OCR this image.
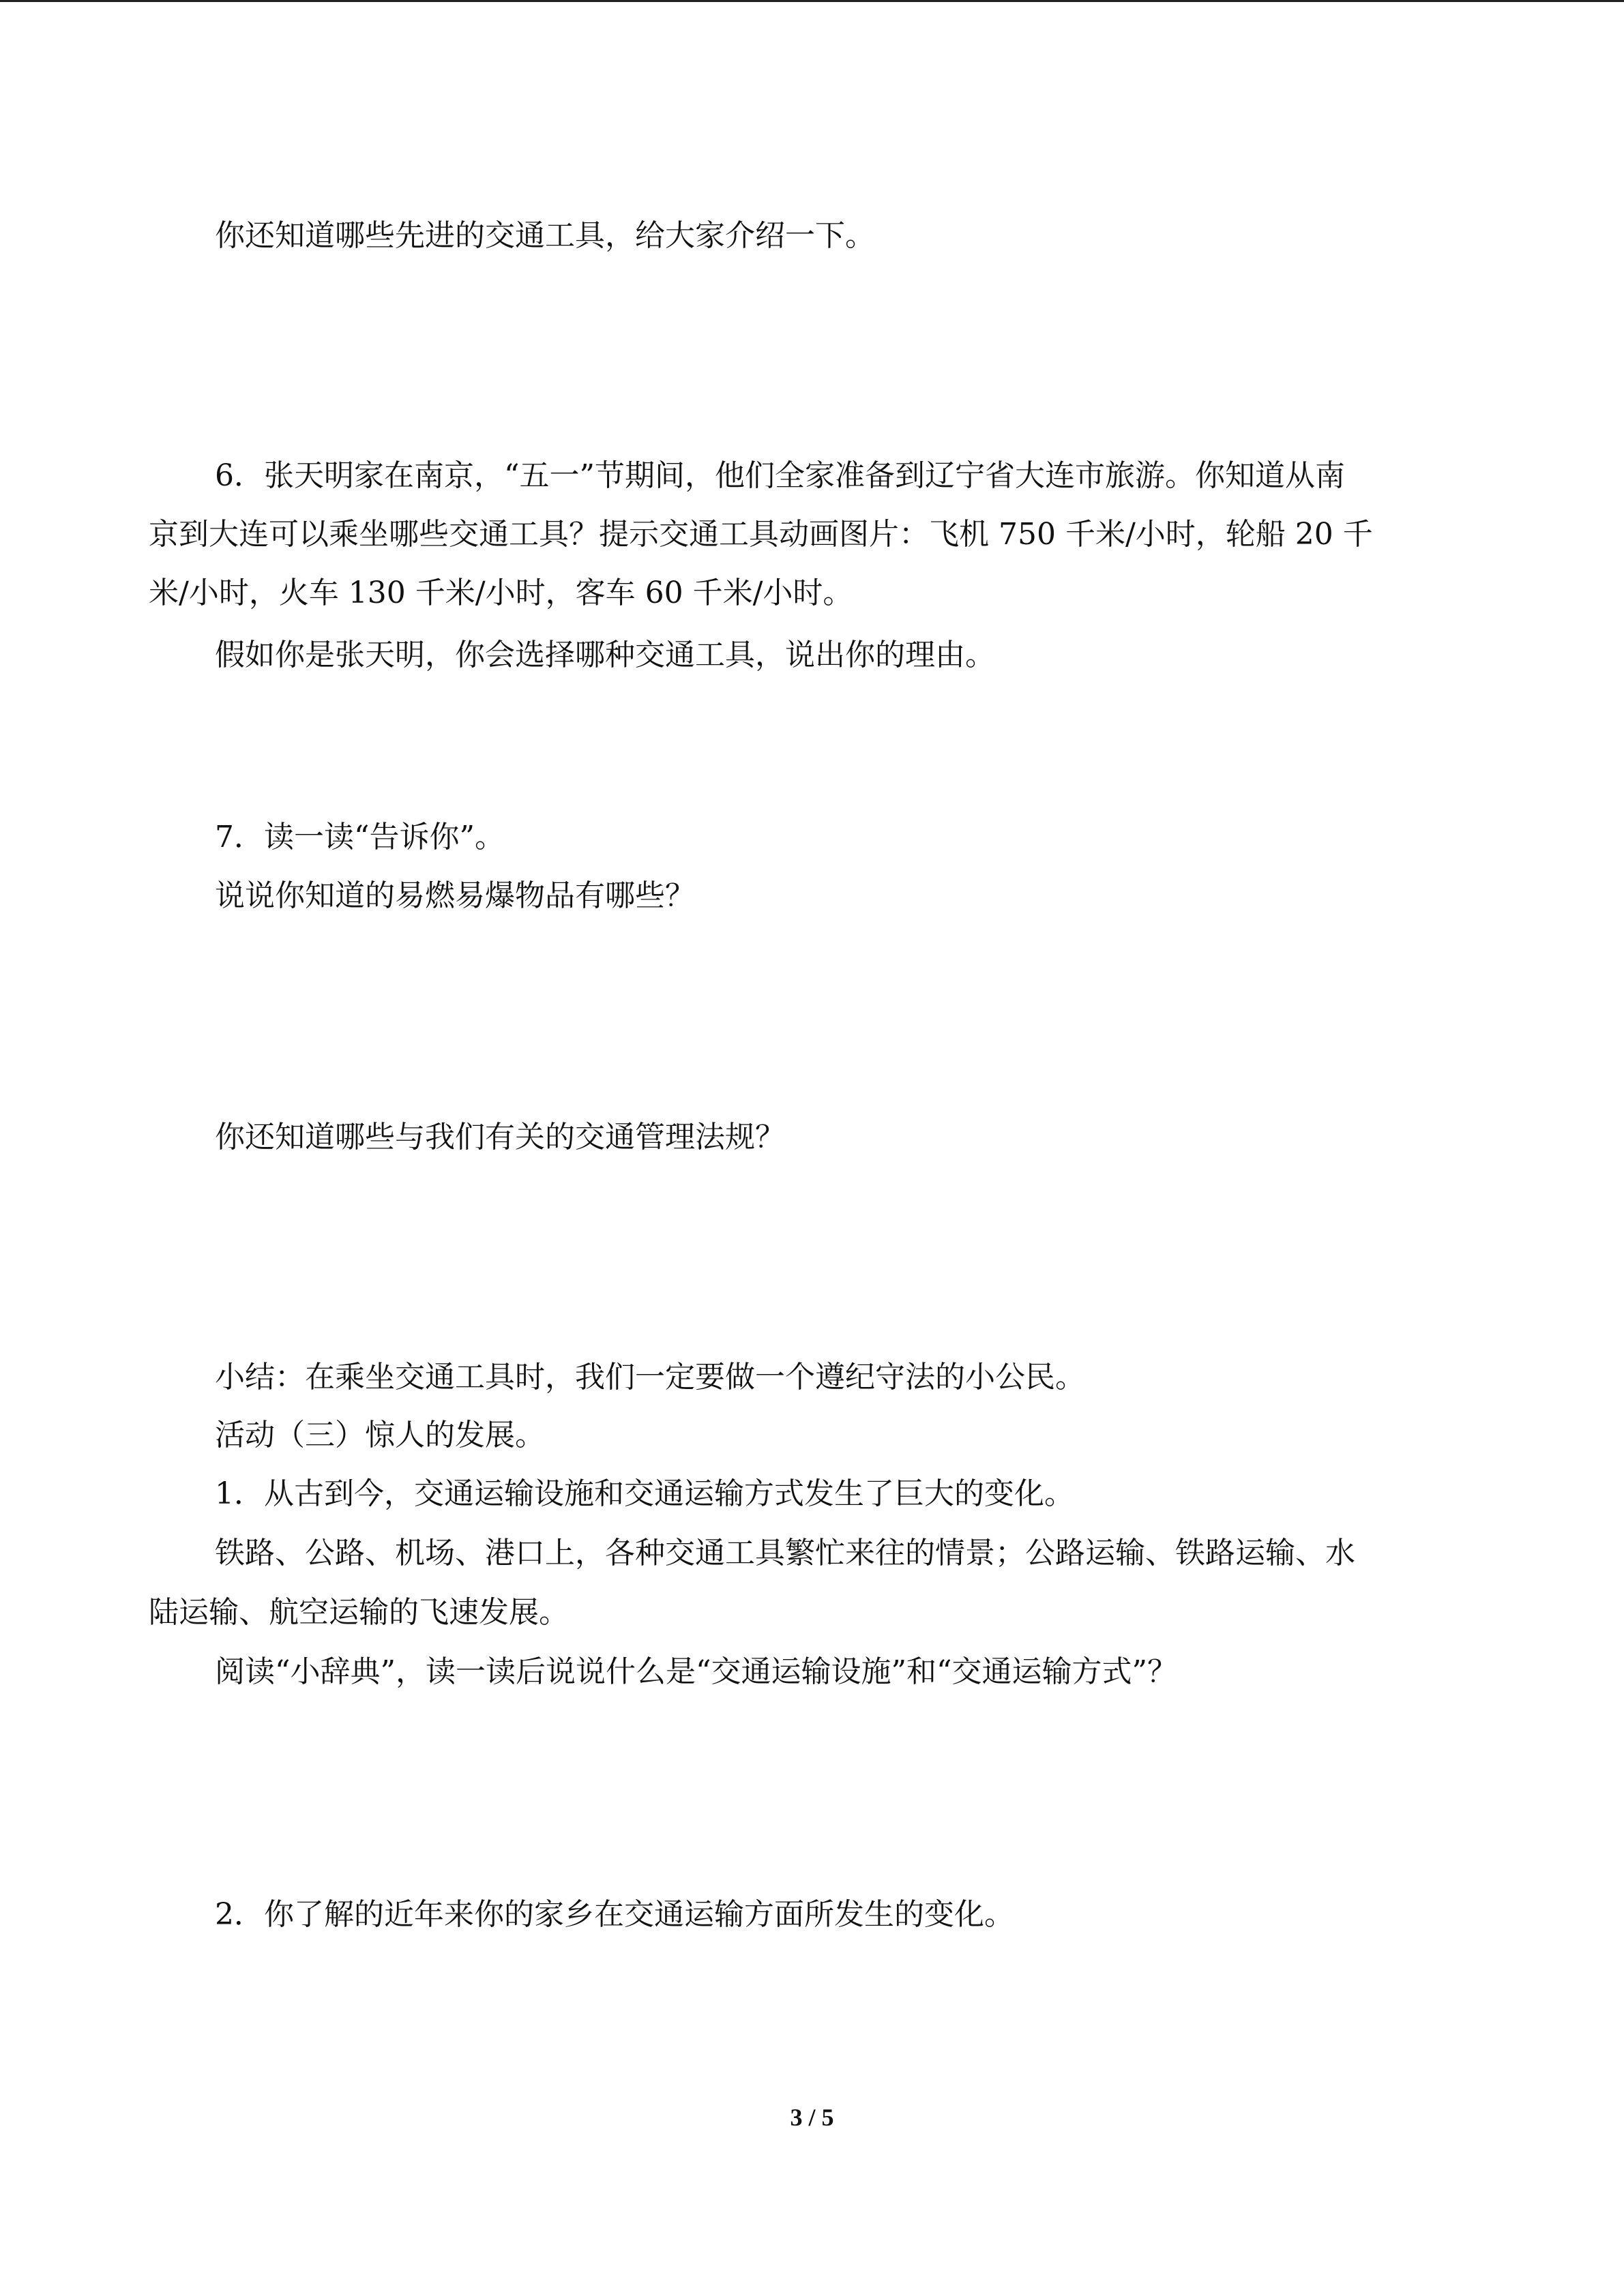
你还知道哪些先进的交通工具，给大家介绍一下。
6．张天明家在南京，“五一”节期间，他们全家准备到辽宁省大连市旅游。你知道从南
京到大连可以乘坐哪些交通工具？提示交通工具动画图片：飞机 750 千米/小时，轮船 20 千
米/小时，火车 130 千米/小时，客车 60 千米/小时。
假如你是张天明，你会选择哪种交通工具，说出你的理由。
7．读一读“告诉你”。
说说你知道的易燃易爆物品有哪些？
你还知道哪些与我们有关的交通管理法规？
小结：在乘坐交通工具时，我们一定要做一个遵纪守法的小公民。
活动（三）惊人的发展。
1．从古到今，交通运输设施和交通运输方式发生了巨大的变化。
铁路、公路、机场、港口上，各种交通工具繁忙来往的情景；公路运输、铁路运输、水
陆运输、航空运输的飞速发展。
阅读“小辞典”，读一读后说说什么是“交通运输设施”和“交通运输方式”？
2．你了解的近年来你的家乡在交通运输方面所发生的变化。
3 / 5
